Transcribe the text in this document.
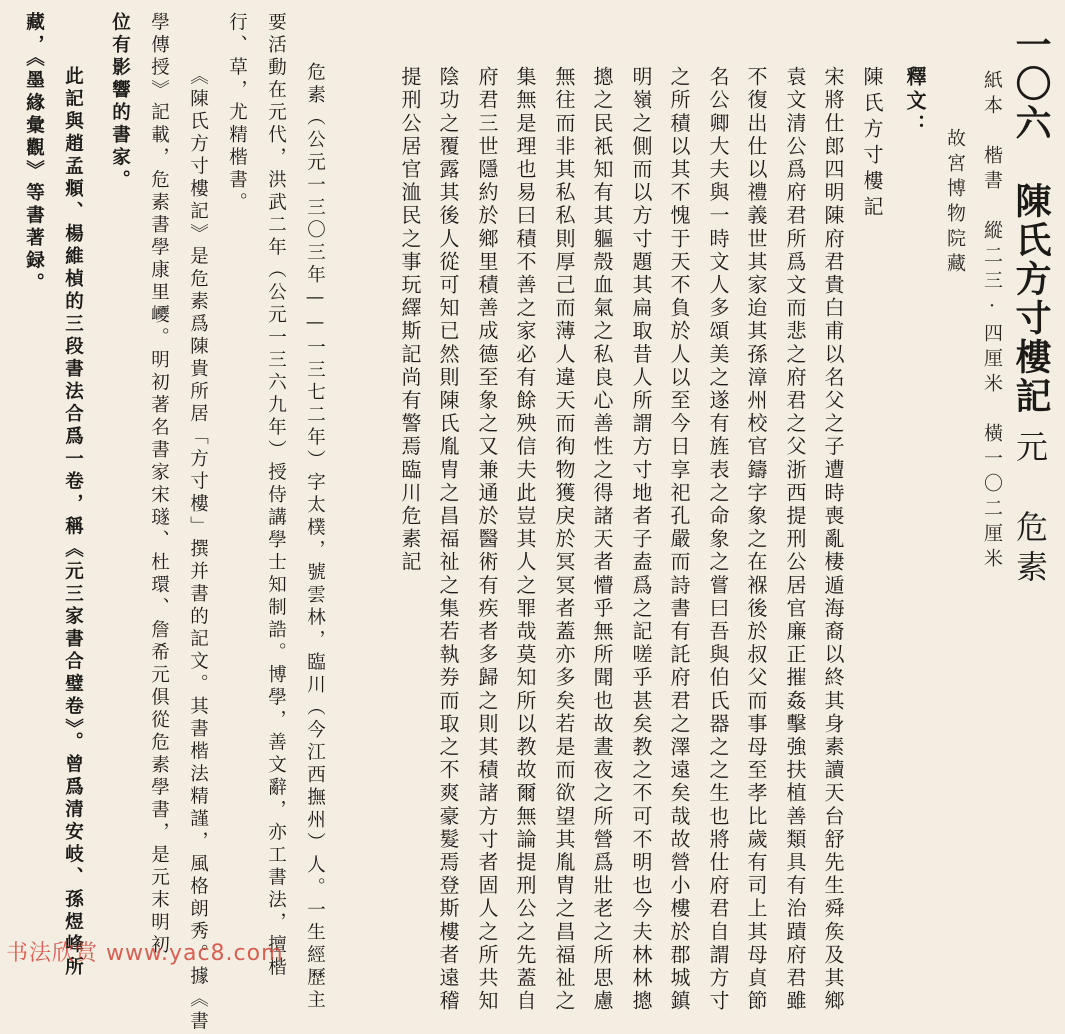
一〇六　陳氏方寸樓記元　危素
紙本　楷書　縱二三·四厘米　橫一〇二厘米
故宮博物院藏
釋文：
陳氏方寸樓記
宋將仕郎四明陳府君貴白甫以名父之子遭時喪亂棲遁海裔以終其身素讀天台舒先生舜矦及其鄉
袁文清公爲府君所爲文而悲之府君之父浙西提刑公居官廉正摧姦擊強扶植善類具有治蹟府君雖
不復出仕以禮義世其家迨其孫漳州校官鑄字象之在褓後於叔父而事母至孝比歲有司上其母貞節
名公卿大夫與一時文人多頌美之遂有旌表之命象之嘗曰吾與伯氏器之之生也將仕府君自謂方寸
之所積以其不愧于天不負於人以至今日享祀孔嚴而詩書有託府君之澤遠矣哉故營小樓於郡城鎮
明嶺之側而以方寸題其扁取昔人所謂方寸地者子盍爲之記嗟乎甚矣教之不可不明也今夫林林摠
摠之民衹知有其軀殼血氣之私良心善性之得諸天者懵乎無所聞也故晝夜之所營爲壯老之所思慮
無往而非其私私則厚己而薄人違天而徇物獲戾於冥冥者蓋亦多矣若是而欲望其胤胄之昌福祉之
集無是理也易曰積不善之家必有餘殃信夫此豈其人之罪哉莫知所以教故爾無論提刑公之先蓋自
府君三世隱約於鄉里積善成德至象之又兼通於醫術有疾者多歸之則其積諸方寸者固人之所共知
陰功之覆露其後人從可知已然則陳氏胤胄之昌福祉之集若執券而取之不爽豪髮焉登斯樓者遠稽
提刑公居官洫民之事玩繹斯記尚有警焉臨川危素記
危素（公元一三〇三年——一三七二年）字太樸，號雲林，臨川（今江西撫州）人。一生經歷主
要活動在元代，洪武二年（公元一三六九年）授侍講學士知制誥。博學，善文辭，亦工書法，擅楷
行、草，尤精楷書。
《陳氏方寸樓記》是危素爲陳貴所居「方寸樓」撰并書的記文。其書楷法精謹，風格朗秀。據《書
學傳授》記載，危素書學康里巎。明初著名書家宋璲、杜環、詹希元俱從危素學書，是元末明初
位有影響的書家。
此記與趙孟頫、楊維楨的三段書法合爲一卷，稱《元三家書合璧卷》。曾爲清安岐、孫煜峰所
藏，《墨緣彙觀》等書著録。
书法欣赏 www.yac8.com
